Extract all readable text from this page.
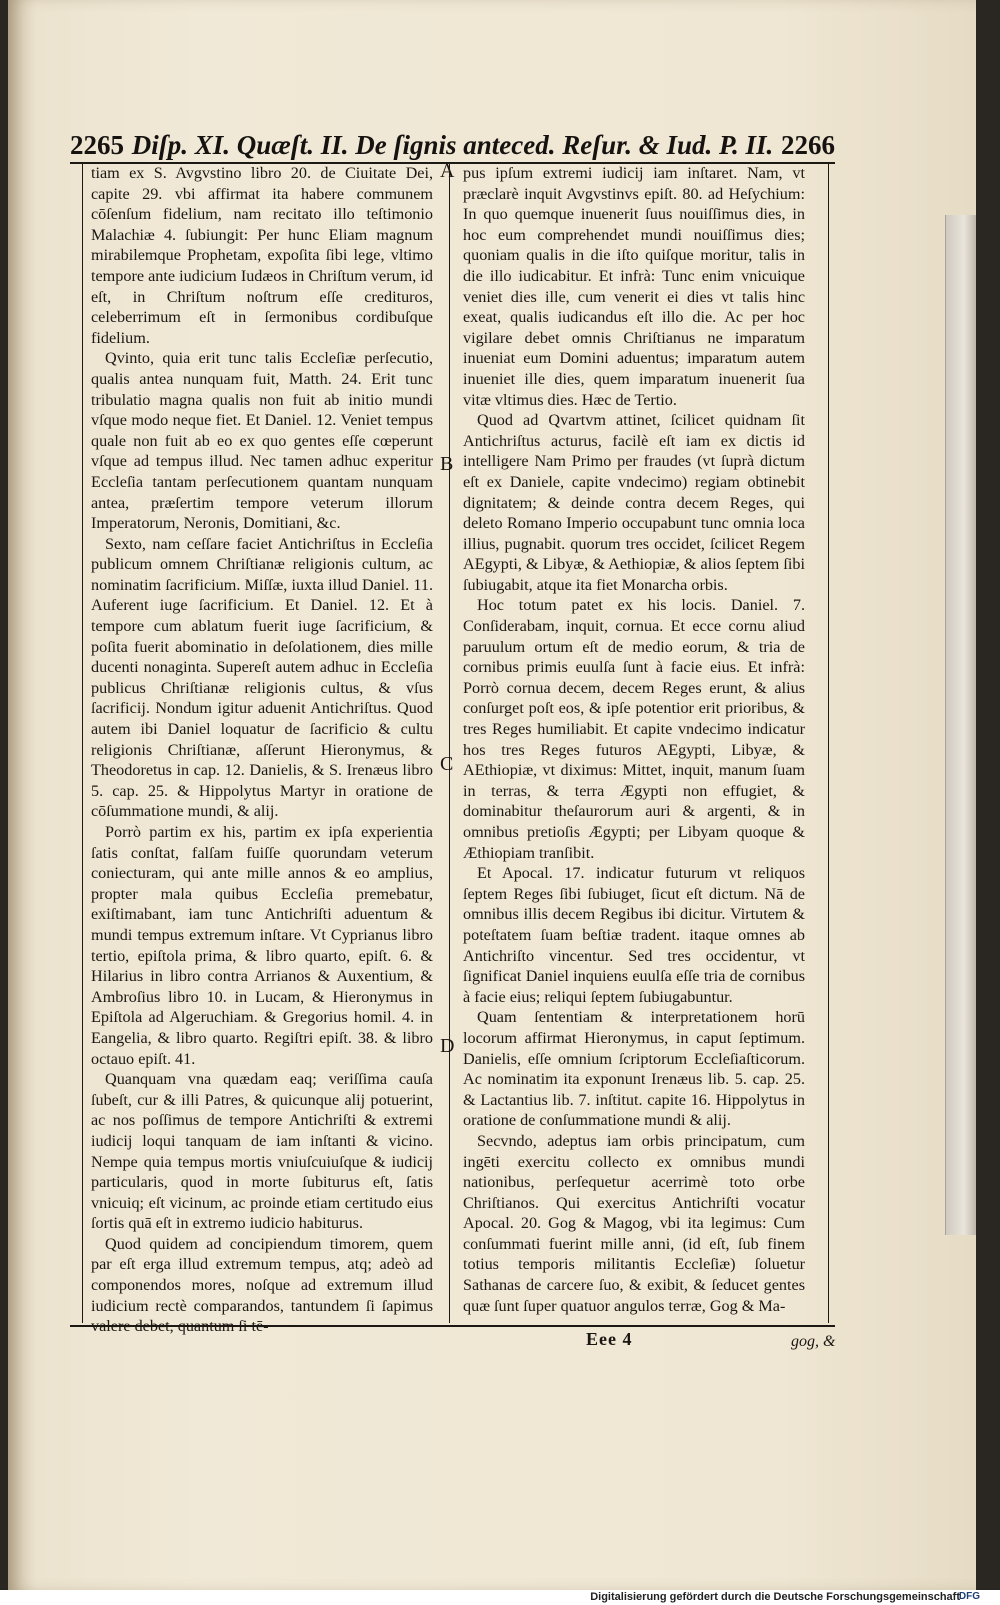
2265 Diſp. XI. Quæſt. II. De ſignis anteced. Reſur. & Iud. P. II. 2266
A
B
C
D

tiam ex S. Avgvstino libro 20. de Ciuitate Dei, capite 29. vbi affirmat ita habere communem cōſenſum fidelium, nam recitato illo teſtimonio Malachiæ 4. ſubiungit: Per hunc Eliam magnum mirabilemque Prophetam, expoſita ſibi lege, vltimo tempore ante iudicium Iudæos in Chriſtum verum, id eſt, in Chriſtum noſtrum eſſe credituros, celeberrimum eſt in ſermonibus cordibuſque fidelium.

Qvinto, quia erit tunc talis Eccleſiæ perſecutio, qualis antea nunquam fuit, Matth. 24. Erit tunc tribulatio magna qualis non fuit ab initio mundi vſque modo neque fiet. Et Daniel. 12. Veniet tempus quale non fuit ab eo ex quo gentes eſſe cœperunt vſque ad tempus illud. Nec tamen adhuc experitur Eccleſia tantam perſecutionem quantam nunquam antea, præſertim tempore veterum illorum Imperatorum, Neronis, Domitiani, &c.

Sexto, nam ceſſare faciet Antichriſtus in Eccleſia publicum omnem Chriſtianæ religionis cultum, ac nominatim ſacrificium. Miſſæ, iuxta illud Daniel. 11. Auferent iuge ſacrificium. Et Daniel. 12. Et à tempore cum ablatum fuerit iuge ſacrificium, & poſita fuerit abominatio in deſolationem, dies mille ducenti nonaginta. Supereſt autem adhuc in Eccleſia publicus Chriſtianæ religionis cultus, & vſus ſacrificij. Nondum igitur aduenit Antichriſtus. Quod autem ibi Daniel loquatur de ſacrificio & cultu religionis Chriſtianæ, aſſerunt Hieronymus, & Theodoretus in cap. 12. Danielis, & S. Irenæus libro 5. cap. 25. & Hippolytus Martyr in oratione de cōſummatione mundi, & alij.

Porrò partim ex his, partim ex ipſa experientia ſatis conſtat, falſam fuiſſe quorundam veterum coniecturam, qui ante mille annos & eo amplius, propter mala quibus Eccleſia premebatur, exiſtimabant, iam tunc Antichriſti aduentum & mundi tempus extremum inſtare. Vt Cyprianus libro tertio, epiſtola prima, & libro quarto, epiſt. 6. & Hilarius in libro contra Arrianos & Auxentium, & Ambroſius libro 10. in Lucam, & Hieronymus in Epiſtola ad Algeruchiam. & Gregorius homil. 4. in Eangelia, & libro quarto. Regiſtri epiſt. 38. & libro octauo epiſt. 41.

Quanquam vna quædam eaq; veriſſima cauſa ſubeſt, cur & illi Patres, & quicunque alij potuerint, ac nos poſſimus de tempore Antichriſti & extremi iudicij loqui tanquam de iam inſtanti & vicino. Nempe quia tempus mortis vniuſcuiuſque & iudicij particularis, quod in morte ſubiturus eſt, ſatis vnicuiq; eſt vicinum, ac proinde etiam certitudo eius ſortis quā eſt in extremo iudicio habiturus.

Quod quidem ad concipiendum timorem, quem par eſt erga illud extremum tempus, atq; adeò ad componendos mores, noſque ad extremum illud iudicium rectè comparandos, tantundem ſi ſapimus valere debet, quantum ſi tē-

pus ipſum extremi iudicij iam inſtaret. Nam, vt præclarè inquit Avgvstinvs epiſt. 80. ad Heſychium: In quo quemque inuenerit ſuus nouiſſimus dies, in hoc eum comprehendet mundi nouiſſimus dies; quoniam qualis in die iſto quiſque moritur, talis in die illo iudicabitur. Et infrà: Tunc enim vnicuique veniet dies ille, cum venerit ei dies vt talis hinc exeat, qualis iudicandus eſt illo die. Ac per hoc vigilare debet omnis Chriſtianus ne imparatum inueniat eum Domini aduentus; imparatum autem inueniet ille dies, quem imparatum inuenerit ſua vitæ vltimus dies. Hæc de Tertio.

Quod ad Qvartvm attinet, ſcilicet quidnam ſit Antichriſtus acturus, facilè eſt iam ex dictis id intelligere Nam Primo per fraudes (vt ſuprà dictum eſt ex Daniele, capite vndecimo) regiam obtinebit dignitatem; & deinde contra decem Reges, qui deleto Romano Imperio occupabunt tunc omnia loca illius, pugnabit. quorum tres occidet, ſcilicet Regem AEgypti, & Libyæ, & Aethiopiæ, & alios ſeptem ſibi ſubiugabit, atque ita fiet Monarcha orbis.

Hoc totum patet ex his locis. Daniel. 7. Conſiderabam, inquit, cornua. Et ecce cornu aliud paruulum ortum eſt de medio eorum, & tria de cornibus primis euulſa ſunt à facie eius. Et infrà: Porrò cornua decem, decem Reges erunt, & alius conſurget poſt eos, & ipſe potentior erit prioribus, & tres Reges humiliabit. Et capite vndecimo indicatur hos tres Reges futuros AEgypti, Libyæ, & AEthiopiæ, vt diximus: Mittet, inquit, manum ſuam in terras, & terra Ægypti non effugiet, & dominabitur theſaurorum auri & argenti, & in omnibus pretioſis Ægypti; per Libyam quoque & Æthiopiam tranſibit.

Et Apocal. 17. indicatur futurum vt reliquos ſeptem Reges ſibi ſubiuget, ſicut eſt dictum. Nā de omnibus illis decem Regibus ibi dicitur. Virtutem & poteſtatem ſuam beſtiæ tradent. itaque omnes ab Antichriſto vincentur. Sed tres occidentur, vt ſignificat Daniel inquiens euulſa eſſe tria de cornibus à facie eius; reliqui ſeptem ſubiugabuntur.

Quam ſententiam & interpretationem horū locorum affirmat Hieronymus, in caput ſeptimum. Danielis, eſſe omnium ſcriptorum Eccleſiaſticorum. Ac nominatim ita exponunt Irenæus lib. 5. cap. 25. & Lactantius lib. 7. inſtitut. capite 16. Hippolytus in oratione de conſummatione mundi & alij.

Secvndo, adeptus iam orbis principatum, cum ingēti exercitu collecto ex omnibus mundi nationibus, perſequetur acerrimè toto orbe Chriſtianos. Qui exercitus Antichriſti vocatur Apocal. 20. Gog & Magog, vbi ita legimus: Cum conſummati fuerint mille anni, (id eſt, ſub finem totius temporis militantis Eccleſiæ) ſoluetur Sathanas de carcere ſuo, & exibit, & ſeducet gentes quæ ſunt ſuper quatuor angulos terræ, Gog & Ma-

Eee 4	gog, &
Digitalisierung gefördert durch die Deutsche Forschungsgemeinschaft
DFG
